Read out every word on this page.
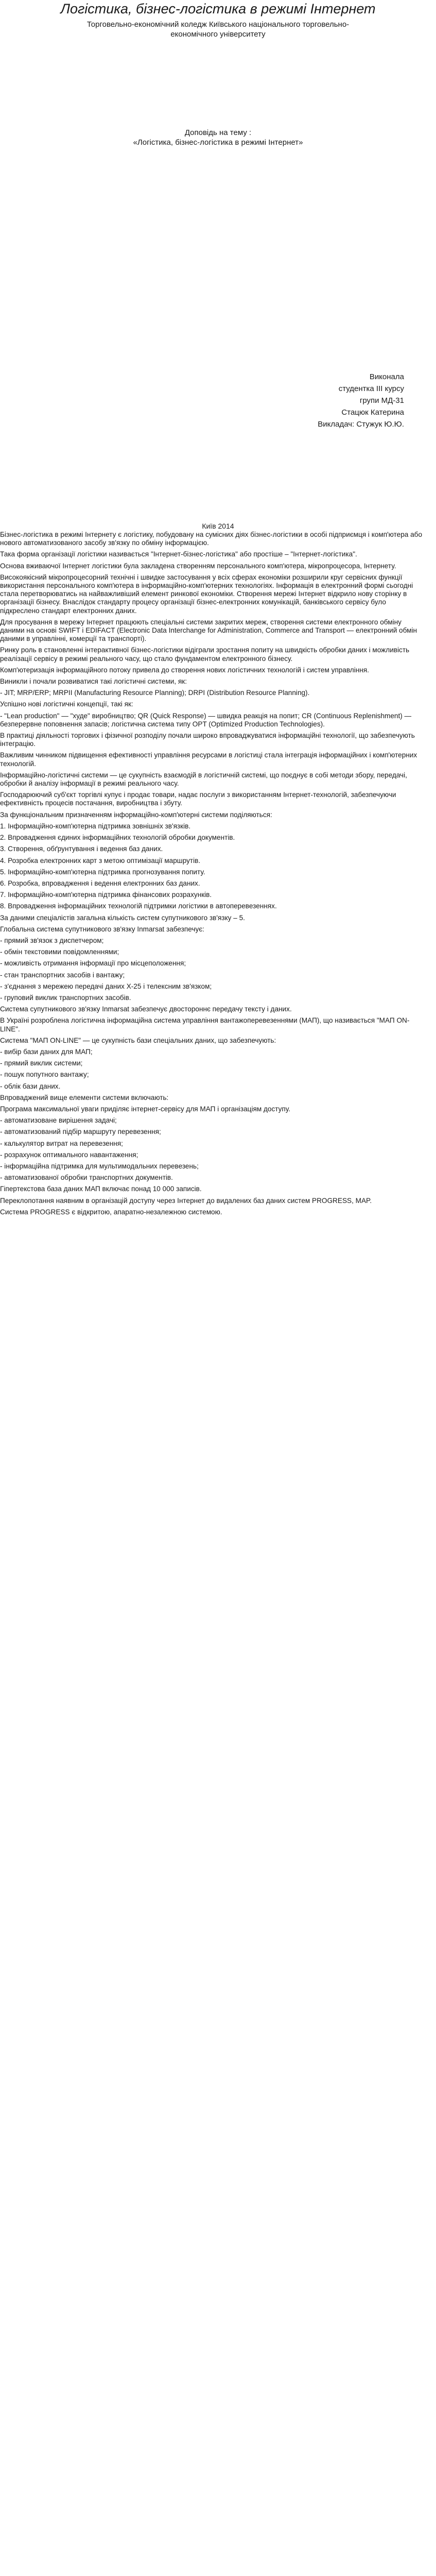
Логістика, бізнес-логістика в режимі Інтернет
Торговельно-економічний коледж Київського національного торговельно-
економічного університету
Доповідь на тему :
«Логістика, бізнес-логістика в режимі Інтернет»
Виконала
студентка III курсу
групи МД-31
Стацюк Катерина
Викладач: Стужук Ю.Ю.
Київ 2014

Бізнес-логістика в режимі Інтернету є логістику, побудовану на сумісних діях бізнес-логістики в особі підприємця і комп'ютера або нового автоматизованого засобу зв'язку по обміну інформацією.

Така форма організації логістики називається "Інтернет-бізнес-логістика" або простіше – "Інтернет-логістика".

Основа вживаючої Інтернет логістики була закладена створенням персонального комп'ютера, мікропроцесора, Інтернету.

Високоякісний мікропроцесорний технічні і швидке застосування у всіх сферах економіки розширили круг сервісних функції використання персонального комп'ютера в інформаційно-комп'ютерних технологіях. Інформація в електронний формі сьогодні стала перетворюватись на найважливіший елемент ринкової економіки. Створення мережі Інтернет відкрило нову сторінку в організації бізнесу. Внаслідок стандарту процесу організації бізнес-електронних комунікацій, банківського сервісу було підкреслено стандарт електронних даних.

Для просування в мережу Інтернет працюють спеціальні системи закритих мереж, створення системи електронного обміну даними на основі SWIFT і EDIFACT (Electronic Data Interchange for Administration, Commerce and Transport — електронний обмін даними в управлінні, комерції та транспорті).

Ринку роль в становленні інтерактивної бізнес-логістики відіграли зростання попиту на швидкість обробки даних і можливість реалізації сервісу в режимі реального часу, що стало фундаментом електронного бізнесу.

Комп'ютеризація інформаційного потоку привела до створення нових логістичних технологій і систем управління.

Виникли і почали розвиватися такі логістичні системи, як:

- JIT; MRP/ERP; MRPII (Manufacturing Resource Planning); DRPI (Distribution Resource Planning).

Успішно нові логістичні концепції, такі як:

- "Lean production" — "худе" виробництво; QR (Quick Response) — швидка реакція на попит; CR (Continuous Replenishment) — безперервне поповнення запасів; логістична система типу OPT (Optimized Production Technologies).

В практиці діяльності торгових і фізичної розподілу почали широко впроваджуватися інформаційні технології, що забезпечують інтеграцію.

Важливим чинником підвищення ефективності управління ресурсами в логістиці стала інтеграція інформаційних і комп'ютерних технологій.

Інформаційно-логістичні системи — це сукупність взаємодій в логістичній системі, що поєднує в собі методи збору, передачі, обробки й аналізу інформації в режимі реального часу.

Господарюючий суб'єкт торгівлі купує і продає товари, надає послуги з використанням Інтернет-технологій, забезпечуючи ефективність процесів постачання, виробництва і збуту.

За функціональним призначенням інформаційно-комп'ютерні системи поділяються:

1. Інформаційно-комп'ютерна підтримка зовнішніх зв'язків.

2. Впровадження єдиних інформаційних технологій обробки документів.

3. Створення, обґрунтування і ведення баз даних.

4. Розробка електронних карт з метою оптимізації маршрутів.

5. Інформаційно-комп'ютерна підтримка прогнозування попиту.

6. Розробка, впровадження і ведення електронних баз даних.

7. Інформаційно-комп'ютерна підтримка фінансових розрахунків.

8. Впровадження інформаційних технологій підтримки логістики в автоперевезеннях.

За даними спеціалістів загальна кількість систем супутникового зв'язку – 5.

Глобальна система супутникового зв'язку Inmarsat забезпечує:

- прямий зв'язок з диспетчером;

- обмін текстовими повідомленнями;

- можливість отримання інформації про місцеположення;

- стан транспортних засобів і вантажу;

- з'єднання з мережею передачі даних X-25 і телексним зв'язком;

- груповий виклик транспортних засобів.

Система супутникового зв'язку Inmarsat забезпечує двостороннє передачу тексту і даних.

В Україні розроблена логістична інформаційна система управління вантажоперевезеннями (МАП), що називається "МАП ON-LINE".

Система "МАП ON-LINE" — це сукупність бази спеціальних даних, що забезпечують:

- вибір бази даних для МАП;

- прямий виклик системи;

- пошук попутного вантажу;

- облік бази даних.

Впроваджений вище елементи системи включають:

Програма максимальної уваги приділяє інтернет-сервісу для МАП і організаціям доступу.

- автоматизоване вирішення задачі;

- автоматизований підбір маршруту перевезення;

- калькулятор витрат на перевезення;

- розрахунок оптимального навантаження;

- інформаційна підтримка для мультимодальних перевезень;

- автоматизованої обробки транспортних документів.

Гіпертекстова база даних МАП включає понад 10 000 записів.

Переклопотання наявним в організацій доступу через Інтернет до видалених баз даних систем PROGRESS, MAP.

Система PROGRESS є відкритою, апаратно-незалежною системою.
